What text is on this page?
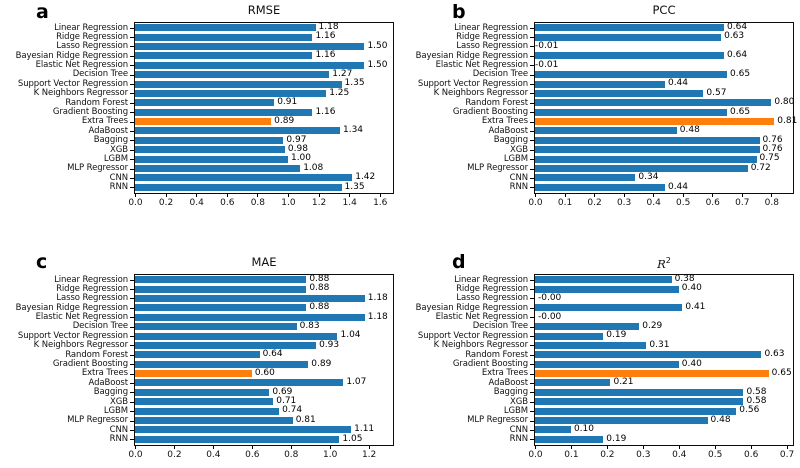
a	RMSE
1.18
1.16
1.50
1.16
1.50
1.27
1.35
1.25
0.91
1.16
0.89
1.34
0.97
0.98
1.00
1.08
1.42
1.35
Linear Regression
Ridge Regression
Lasso Regression
Bayesian Ridge Regression
Elastic Net Regression
Decision Tree
Support Vector Regression
K Neighbors Regressor
Random Forest
Gradient Boosting
Extra Trees
AdaBoost
Bagging
XGB
LGBM
MLP Regressor
CNN
RNN
0.0	0.2	0.4	0.6	0.8	1.0	1.2	1.4	1.6
b	PCC
0.64
0.63
-0.01
0.64
-0.01
0.65
0.44
0.57
0.80
0.65
0.81
0.48
0.76
0.76
0.75
0.72
0.34
0.44
Linear Regression
Ridge Regression
Lasso Regression
Bayesian Ridge Regression
Elastic Net Regression
Decision Tree
Support Vector Regression
K Neighbors Regressor
Random Forest
Gradient Boosting
Extra Trees
AdaBoost
Bagging
XGB
LGBM
MLP Regressor
CNN
RNN
0.0	0.1	0.2	0.3	0.4	0.5	0.6	0.7	0.8
c	MAE
0.88
0.88
1.18
0.88
1.18
0.83
1.04
0.93
0.64
0.89
0.60
1.07
0.69
0.71
0.74
0.81
1.11
1.05
Linear Regression
Ridge Regression
Lasso Regression
Bayesian Ridge Regression
Elastic Net Regression
Decision Tree
Support Vector Regression
K Neighbors Regressor
Random Forest
Gradient Boosting
Extra Trees
AdaBoost
Bagging
XGB
LGBM
MLP Regressor
CNN
RNN
0.0	0.2	0.4	0.6	0.8	1.0	1.2
d	$R^2$
0.38
0.40
-0.00
0.41
-0.00
0.29
0.19
0.31
0.63
0.40
0.65
0.21
0.58
0.58
0.56
0.48
0.10
0.19
Linear Regression
Ridge Regression
Lasso Regression
Bayesian Ridge Regression
Elastic Net Regression
Decision Tree
Support Vector Regression
K Neighbors Regressor
Random Forest
Gradient Boosting
Extra Trees
AdaBoost
Bagging
XGB
LGBM
MLP Regressor
CNN
RNN
0.0	0.1	0.2	0.3	0.4	0.5	0.6	0.7
